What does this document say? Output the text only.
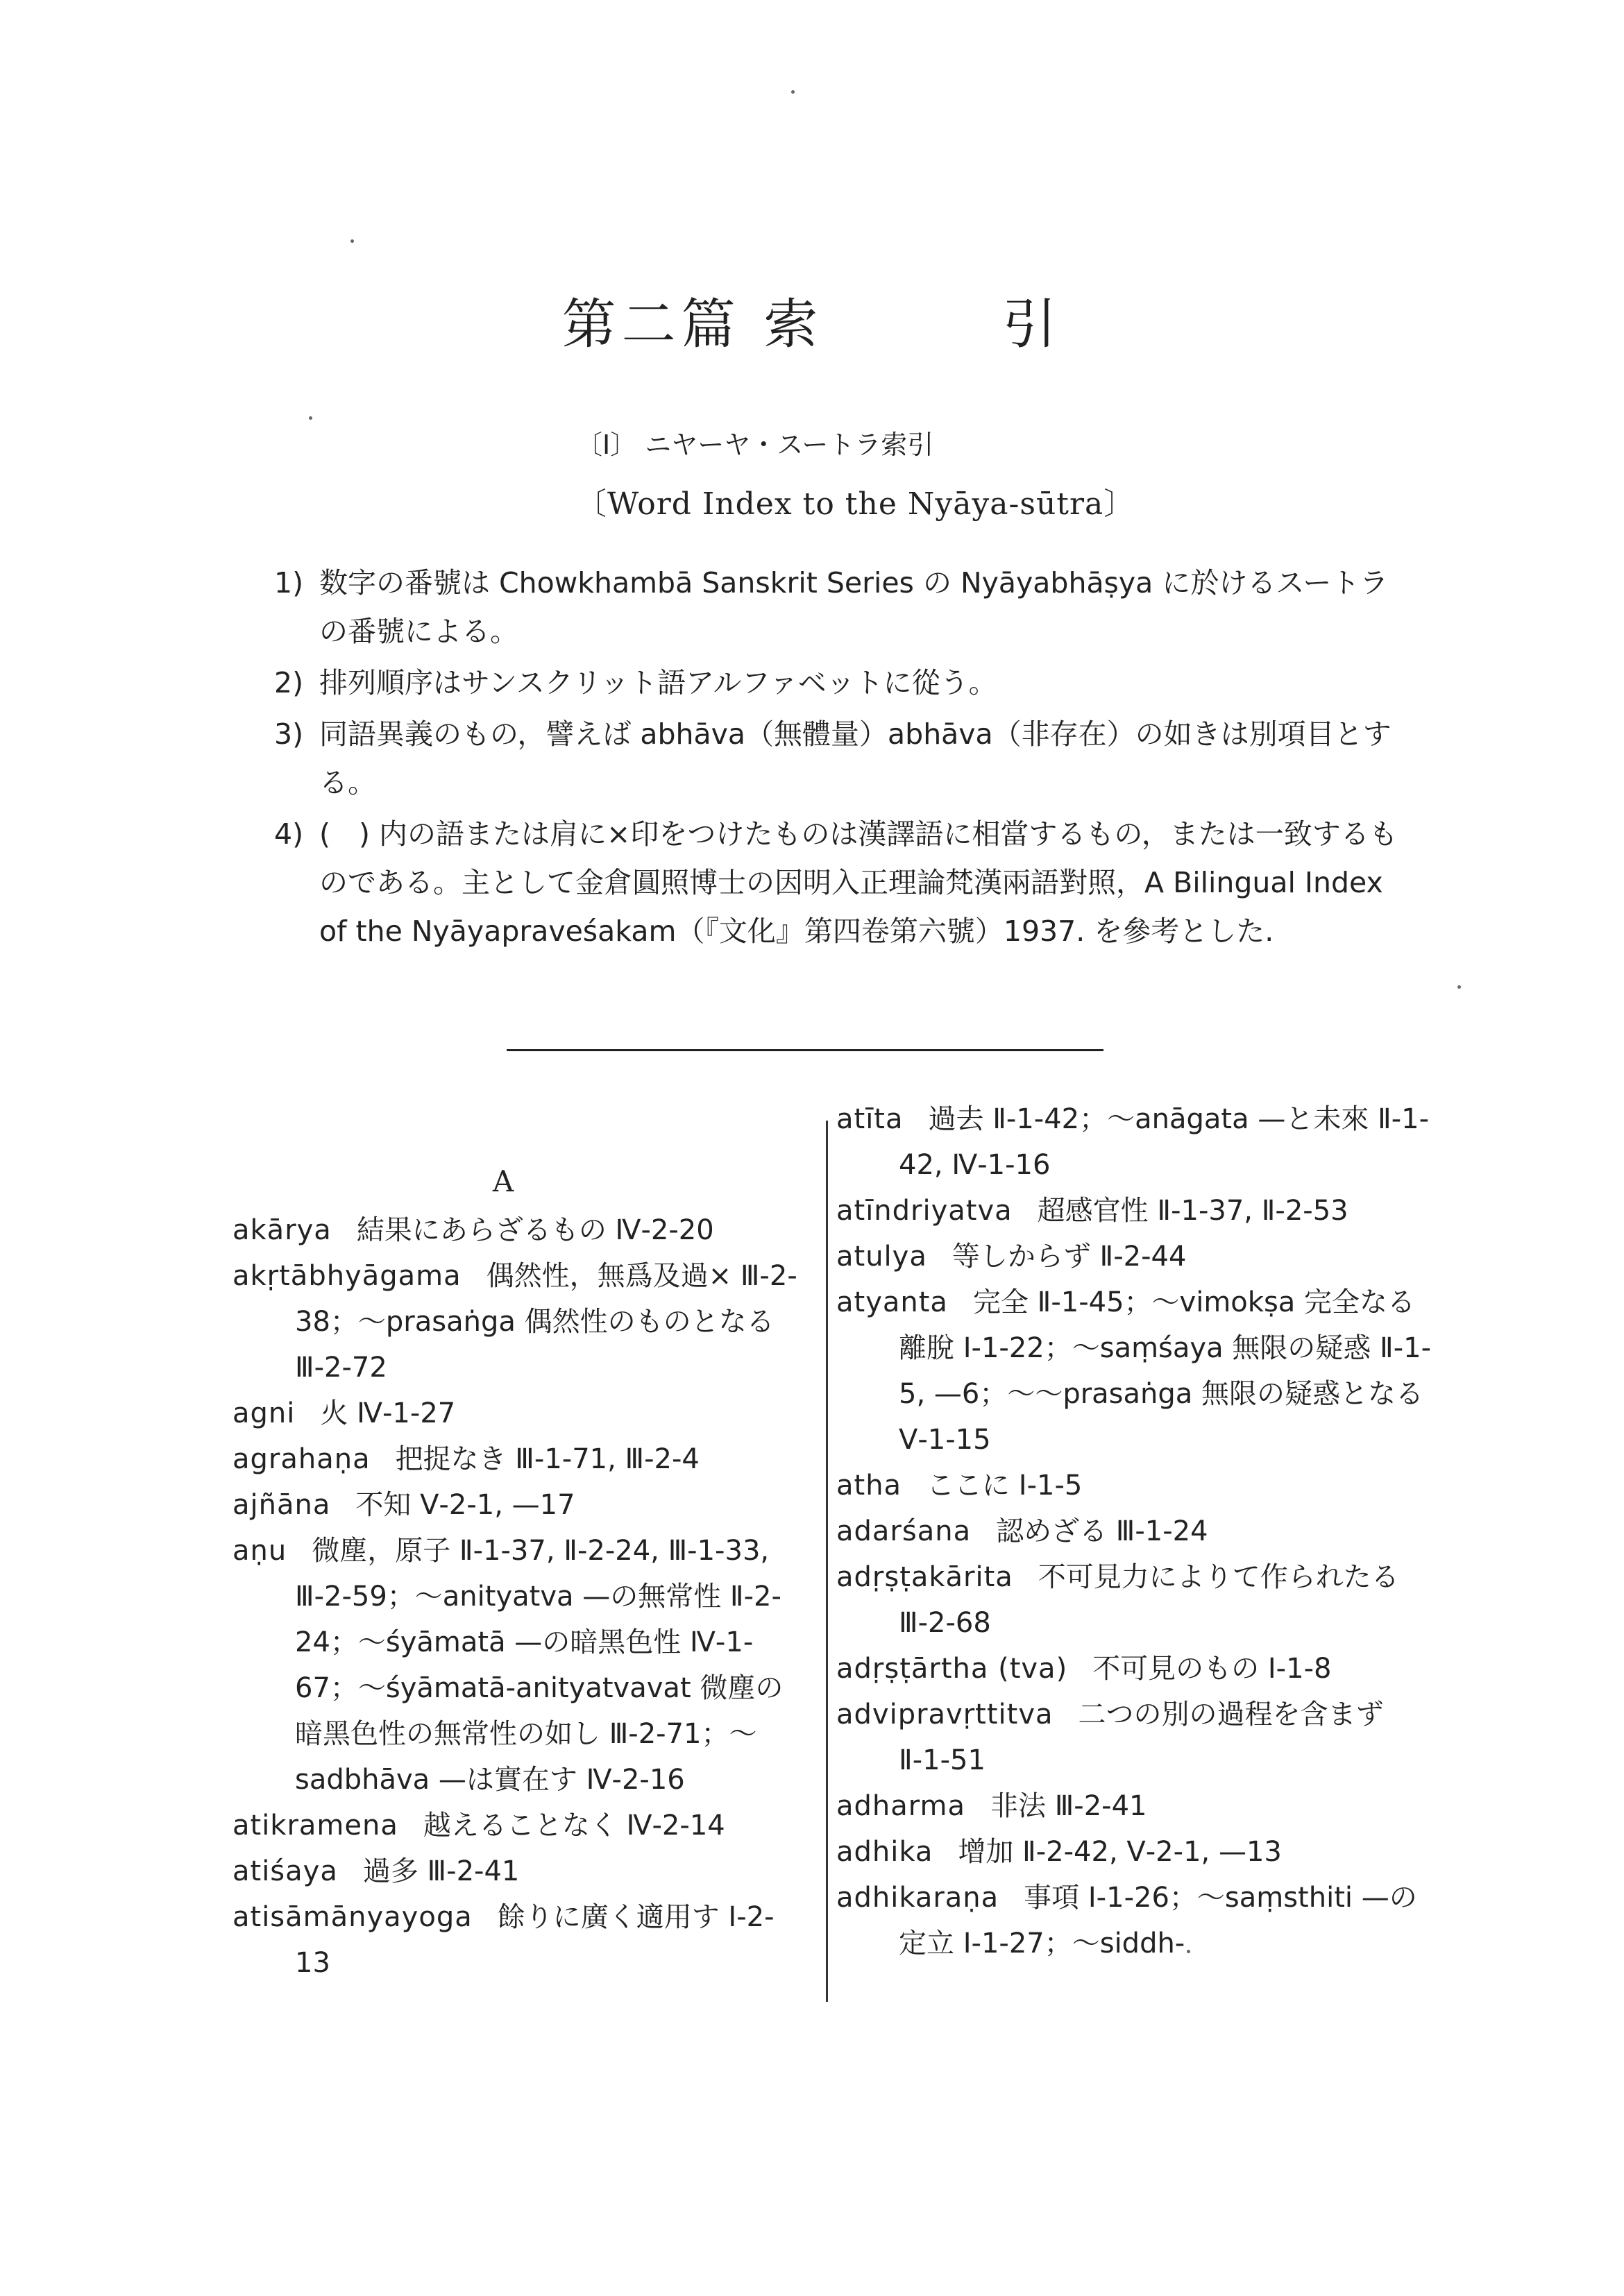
第二篇 索　　　引
〔I〕 ニヤーヤ・スートラ索引
〔Word Index to the Nyāya-sūtra〕
1) 数字の番號は Chowkhambā Sanskrit Series の Nyāyabhāṣya に於けるスートラの番號による。
2) 排列順序はサンスクリット語アルファベットに從う。
3) 同語異義のもの，譬えば abhāva（無體量）abhāva（非存在）の如きは別項目とする。
4) (　) 内の語または肩に×印をつけたものは漢譯語に相當するもの，または一致するものである。主として金倉圓照博士の因明入正理論梵漢兩語對照，A Bilingual Index of the Nyāyapraveśakam（『文化』第四卷第六號）1937. を參考とした.
A
akārya 結果にあらざるもの Ⅳ-2-20
akṛtābhyāgama 偶然性，無爲及過× Ⅲ-2-38；～prasaṅga 偶然性のものとなる Ⅲ-2-72
agni 火 Ⅳ-1-27
agrahaṇa 把捉なき Ⅲ-1-71, Ⅲ-2-4
ajñāna 不知 Ⅴ-2-1, —17
aṇu 微塵，原子 Ⅱ-1-37, Ⅱ-2-24, Ⅲ-1-33, Ⅲ-2-59；～anityatva —の無常性 Ⅱ-2-24；～śyāmatā —の暗黑色性 Ⅳ-1-67；～śyāmatā-anityatvavat 微塵の暗黑色性の無常性の如し Ⅲ-2-71；～sadbhāva —は實在す Ⅳ-2-16
atikramena 越えることなく Ⅳ-2-14
atiśaya 過多 Ⅲ-2-41
atisāmānyayoga 餘りに廣く適用す Ⅰ-2-13
atīta 過去 Ⅱ-1-42；～anāgata —と未來 Ⅱ-1-42, Ⅳ-1-16
atīndriyatva 超感官性 Ⅱ-1-37, Ⅱ-2-53
atulya 等しからず Ⅱ-2-44
atyanta 完全 Ⅱ-1-45；～vimokṣa 完全なる離脫 Ⅰ-1-22；～saṃśaya 無限の疑惑 Ⅱ-1-5, —6；～～prasaṅga 無限の疑惑となる Ⅴ-1-15
atha ここに Ⅰ-1-5
adarśana 認めざる Ⅲ-1-24
adṛṣṭakārita 不可見力によりて作られたる Ⅲ-2-68
adṛṣṭārtha (tva) 不可見のもの Ⅰ-1-8
advipravṛttitva 二つの別の過程を含まず Ⅱ-1-51
adharma 非法 Ⅲ-2-41
adhika 增加 Ⅱ-2-42, Ⅴ-2-1, —13
adhikaraṇa 事項 Ⅰ-1-26；～saṃsthiti —の定立 Ⅰ-1-27；～siddh-
